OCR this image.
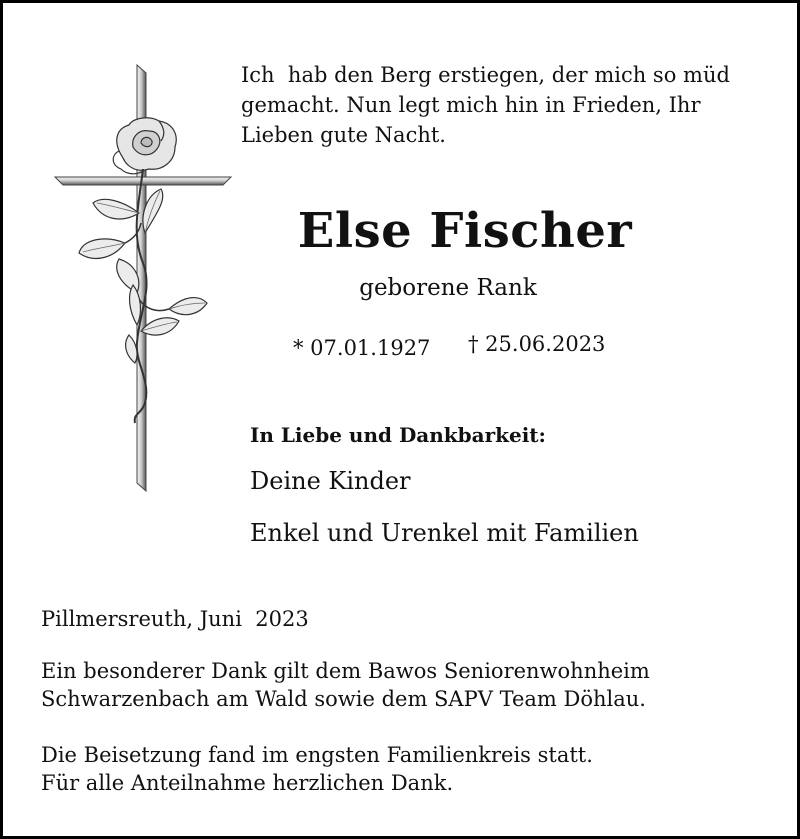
Ich  hab den Berg erstiegen, der mich so müd
gemacht. Nun legt mich hin in Frieden, Ihr
Lieben gute Nacht.

Else Fischer
geborene Rank
* 07.01.1927 † 25.06.2023
In Liebe und Dankbarkeit:
Deine Kinder
Enkel und Urenkel mit Familien
Pillmersreuth, Juni  2023

Ein besonderer Dank gilt dem Bawos Seniorenwohnheim
Schwarzenbach am Wald sowie dem SAPV Team Döhlau.

Die Beisetzung fand im engsten Familienkreis statt.
Für alle Anteilnahme herzlichen Dank.
